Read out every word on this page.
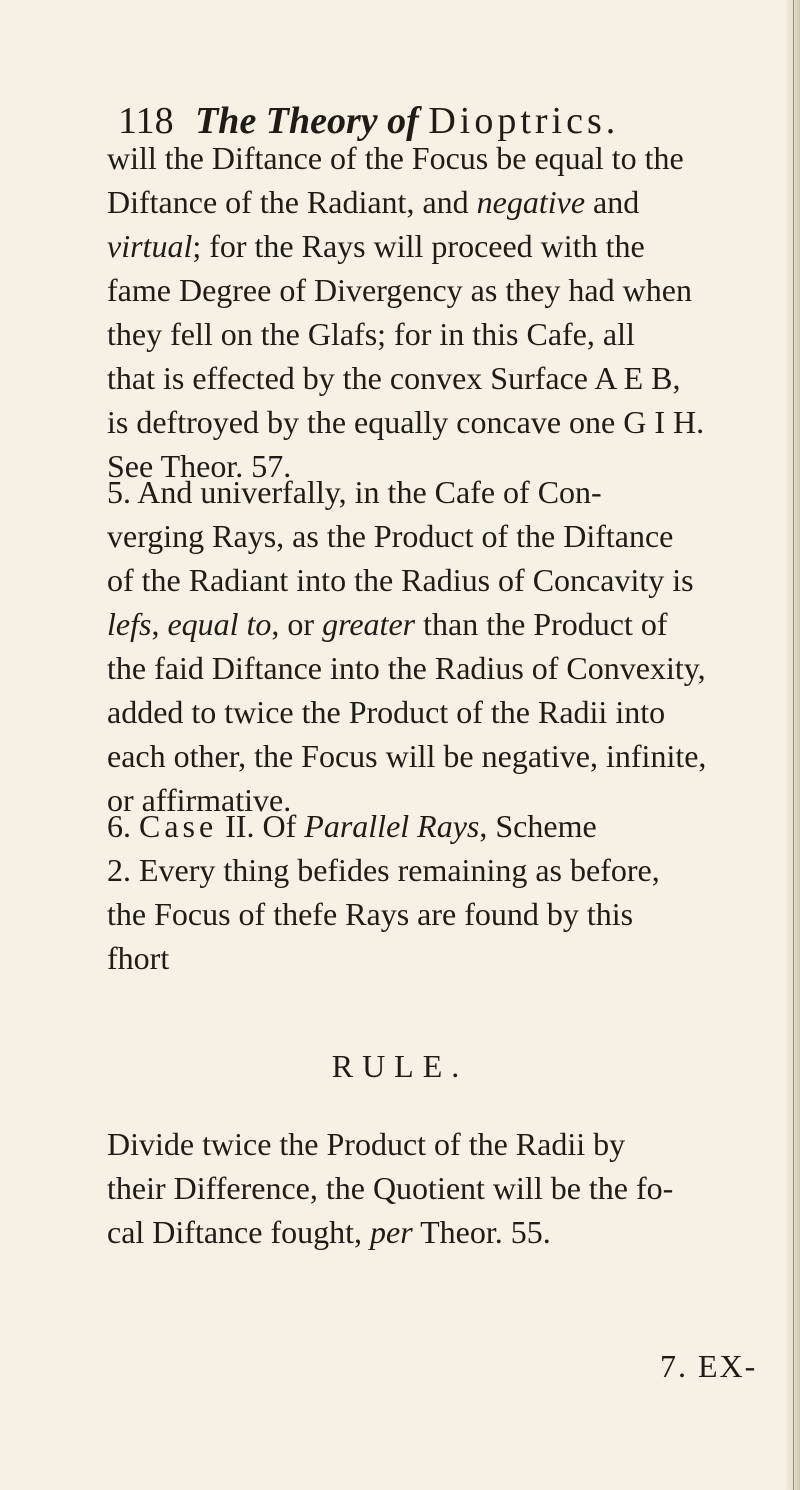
118 The Theory of Dioptrics.

will the Diftance of the Focus be equal to the

Diftance of the Radiant, and negative and

virtual; for the Rays will proceed with the

fame Degree of Divergency as they had when

they fell on the Glafs; for in this Cafe, all

that is effected by the convex Surface A E B,

is deftroyed by the equally concave one G I H.

See Theor. 57.

5. And univerfally, in the Cafe of Con-

verging Rays, as the Product of the Diftance

of the Radiant into the Radius of Concavity is

lefs, equal to, or greater than the Product of

the faid Diftance into the Radius of Convexity,

added to twice the Product of the Radii into

each other, the Focus will be negative, infinite,

or affirmative.

6. Case II. Of Parallel Rays, Scheme

2. Every thing befides remaining as before,

the Focus of thefe Rays are found by this

fhort

RULE.

Divide twice the Product of the Radii by

their Difference, the Quotient will be the fo-

cal Diftance fought, per Theor. 55.

7. EX-
